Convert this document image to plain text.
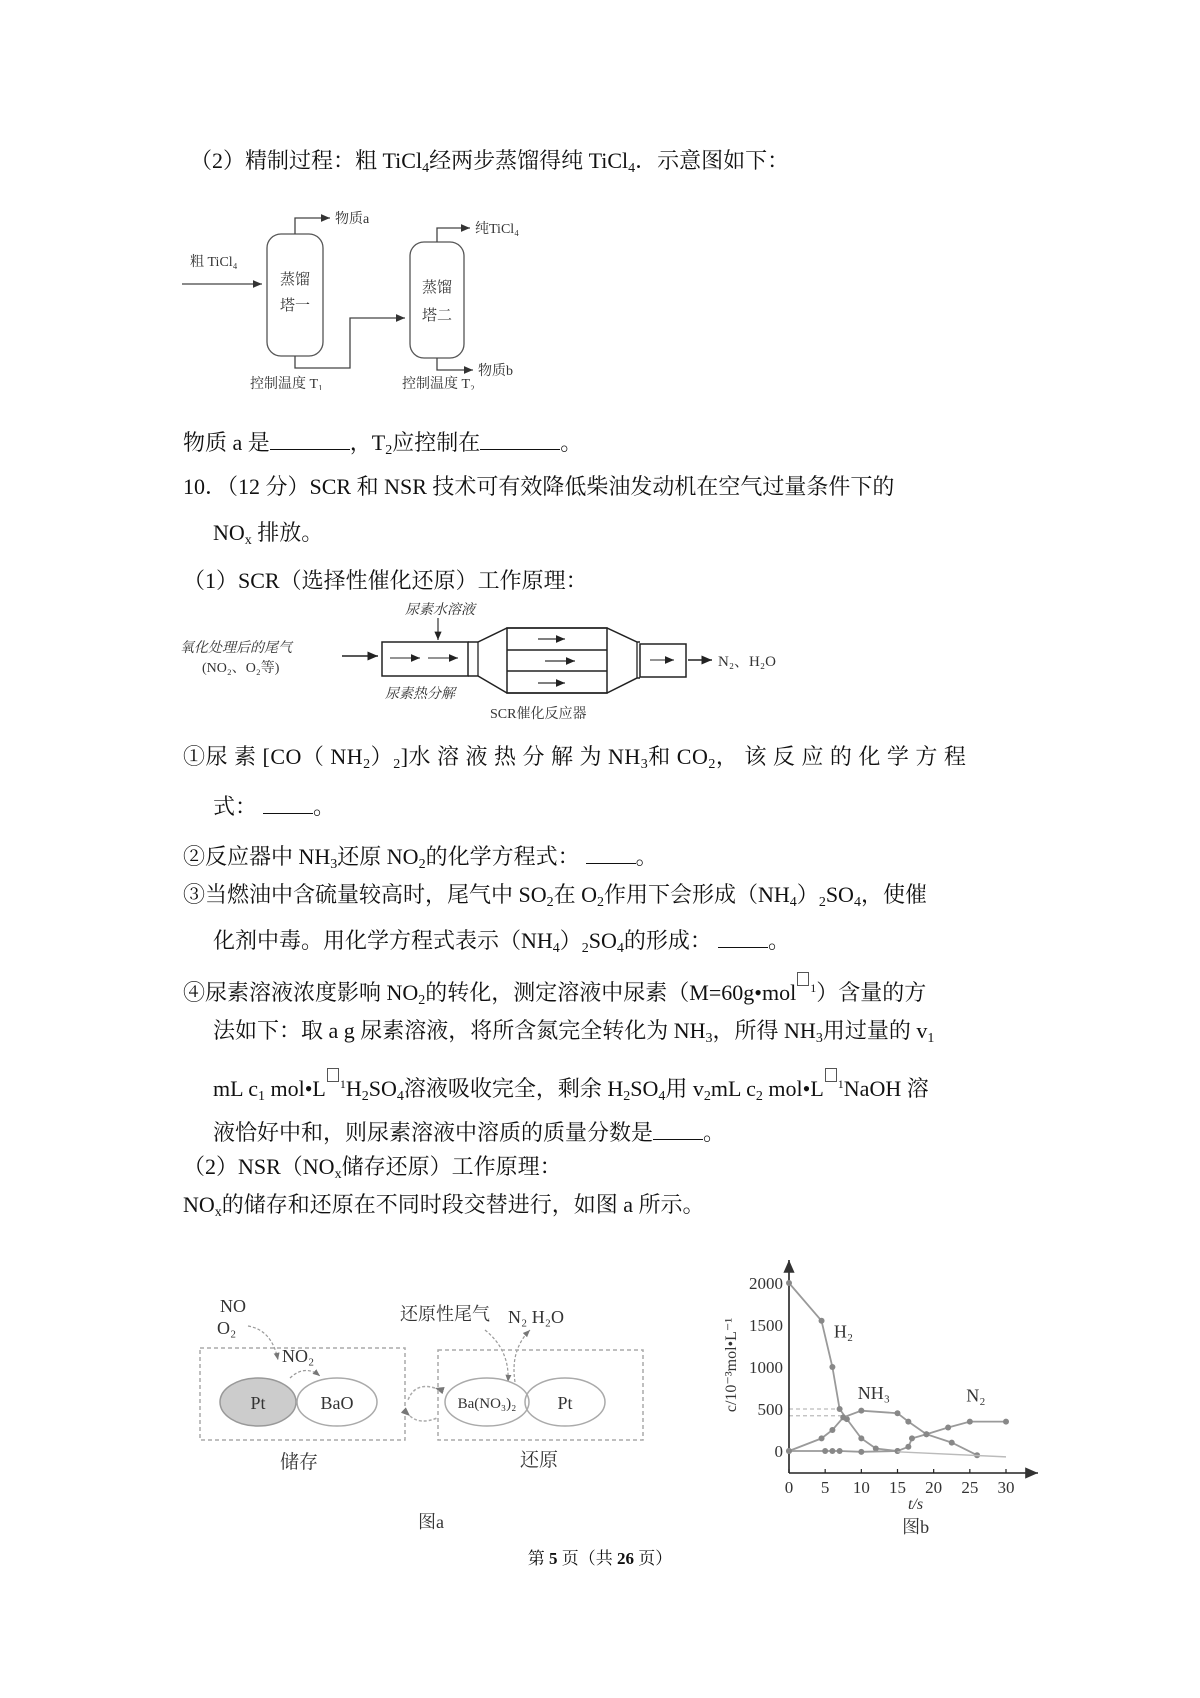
（2）精制过程：粗 TiCl$_4$经两步蒸馏得纯 TiCl$_4$．示意图如下：
粗 TiCl₄
蒸馏
塔一
物质a
蒸馏
塔二
纯TiCl₄
物质b
控制温度 T₁	控制温度 T₂
物质 a 是	，$T_2$应控制在	。
10．（12 分）SCR 和 NSR 技术可有效降低柴油发动机在空气过量条件下的
$NO_x$ 排放。
（1）SCR（选择性催化还原）工作原理：
尿素水溶液
氧化处理后的尾气
(NO₂、O₂等)	N₂、H₂O
尿素热分解
SCR催化反应器
①尿 素 [CO（ $NH_2)_2$]水 溶 液 热 分 解 为 $NH_3$和 $CO_2$， 该 反 应 的 化 学 方 程
式：	。
②反应器中 $NH_3$还原 $NO_2$的化学方程式：	。
③当燃油中含硫量较高时，尾气中 $SO_2$在 $O_2$作用下会形成$(NH_4)_2SO_4$，使催
化剂中毒。用化学方程式表示$(NH_4)_2SO_4$的形成：	。
④尿素溶液浓度影响 $NO_2$的转化，测定溶液中尿素（M=60g•mol $^1$）含量的方
法如下：取 a g 尿素溶液，将所含氮完全转化为 $NH_3$，所得 $NH_3$用过量的 $v_1$
mL $c_1$ mol•L $^1H_2SO_4$溶液吸收完全，剩余 $H_2SO_4$用 $v_2mL$ $c_2$ mol•L $^1$NaOH 溶
液恰好中和，则尿素溶液中溶质的质量分数是 。
$(2)NSR(NO_x$储存还原）工作原理：
$NO_x$的储存和还原在不同时段交替进行，如图 a 所示。
NO
O₂
NO₂
Pt	BaO
还原性尾气 N₂ H₂O
Ba(NO₃)₂ Pt
储存	还原
图a
0 5 10 15 20 25 30
0
500
1000
1500
2000
H₂
NH₃	N₂
c/10⁻³mol•L⁻¹
t/s
图b
第 5 页（共 26 页）
